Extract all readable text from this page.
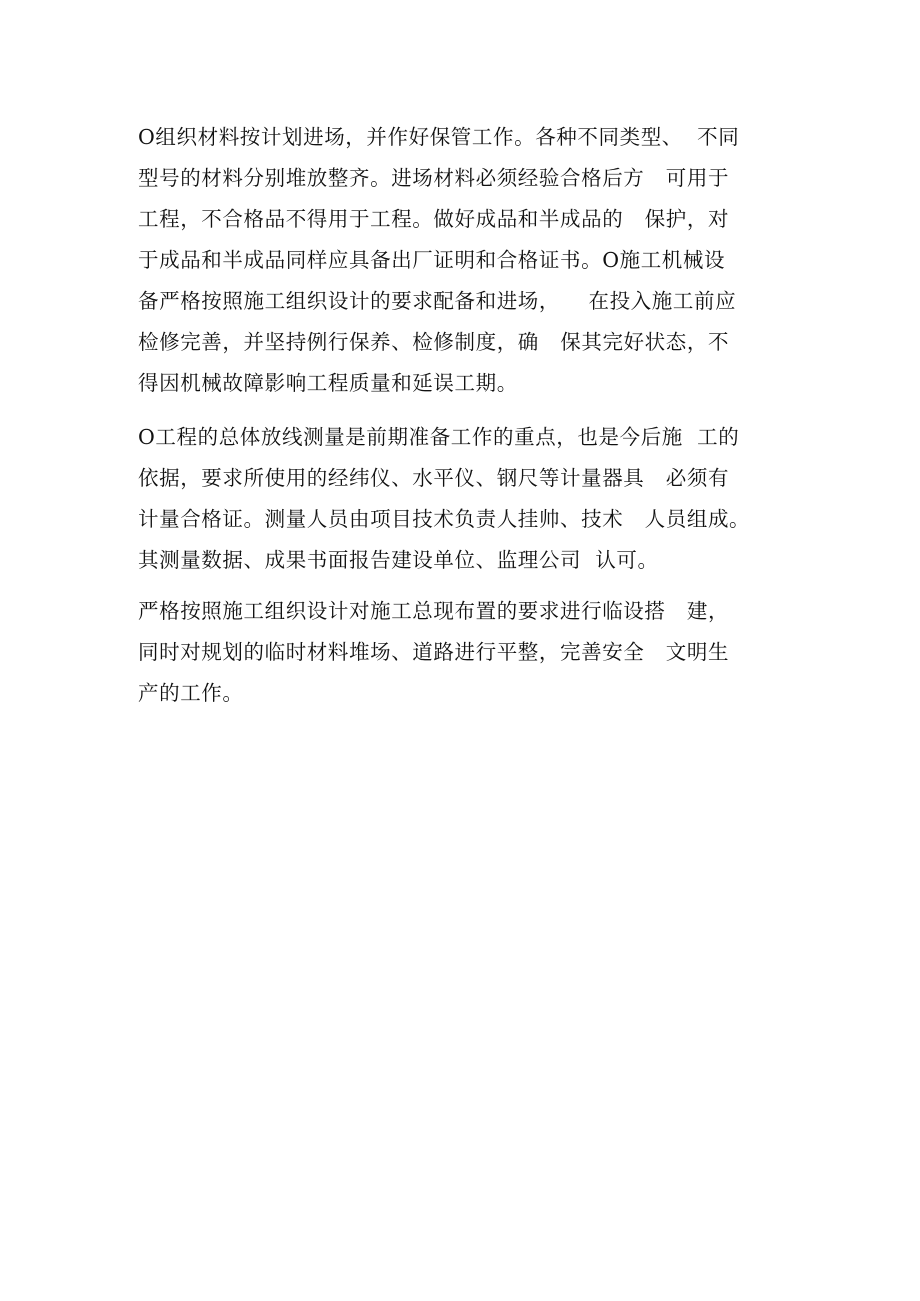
O组织材料按计划进场，并作好保管工作。各种不同类型、  不同
型号的材料分别堆放整齐。进场材料必须经验合格后方   可用于
工程，不合格品不得用于工程。做好成品和半成品的   保护，对
于成品和半成品同样应具备出厂证明和合格证书。O施工机械设
备严格按照施工组织设计的要求配备和进场，    在投入施工前应
检修完善，并坚持例行保养、检修制度，确   保其完好状态，不
得因机械故障影响工程质量和延误工期。
O工程的总体放线测量是前期准备工作的重点，也是今后施  工的
依据，要求所使用的经纬仪、水平仪、钢尺等计量器具   必须有
计量合格证。测量人员由项目技术负责人挂帅、技术   人员组成。
其测量数据、成果书面报告建设单位、监理公司  认可。
严格按照施工组织设计对施工总现布置的要求进行临设搭   建，
同时对规划的临时材料堆场、道路进行平整，完善安全   文明生
产的工作。
